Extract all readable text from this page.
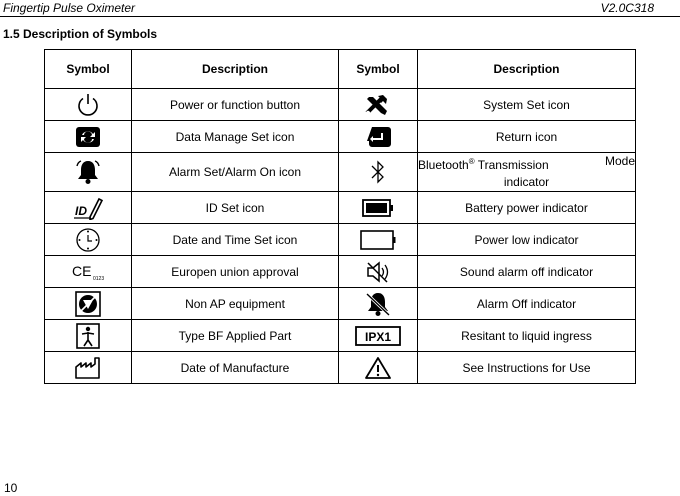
Fingertip Pulse Oximeter	V2.0C318
1.5 Description of Symbols
Symbol	Description	Symbol	Description

	Power or function button		System Set icon

	Data Manage Set icon		Return icon

	Alarm Set/Alarm On icon		Bluetooth® Transmission Mode
indicator

ID	ID Set icon		Battery power indicator

	Date and Time Set icon		Power low indicator

CE 0123	Europen union approval		Sound alarm off indicator

	Non AP equipment		Alarm Off indicator

	Type BF Applied Part	IPX1	Resitant to liquid ingress

	Date of Manufacture		See Instructions for Use
10
